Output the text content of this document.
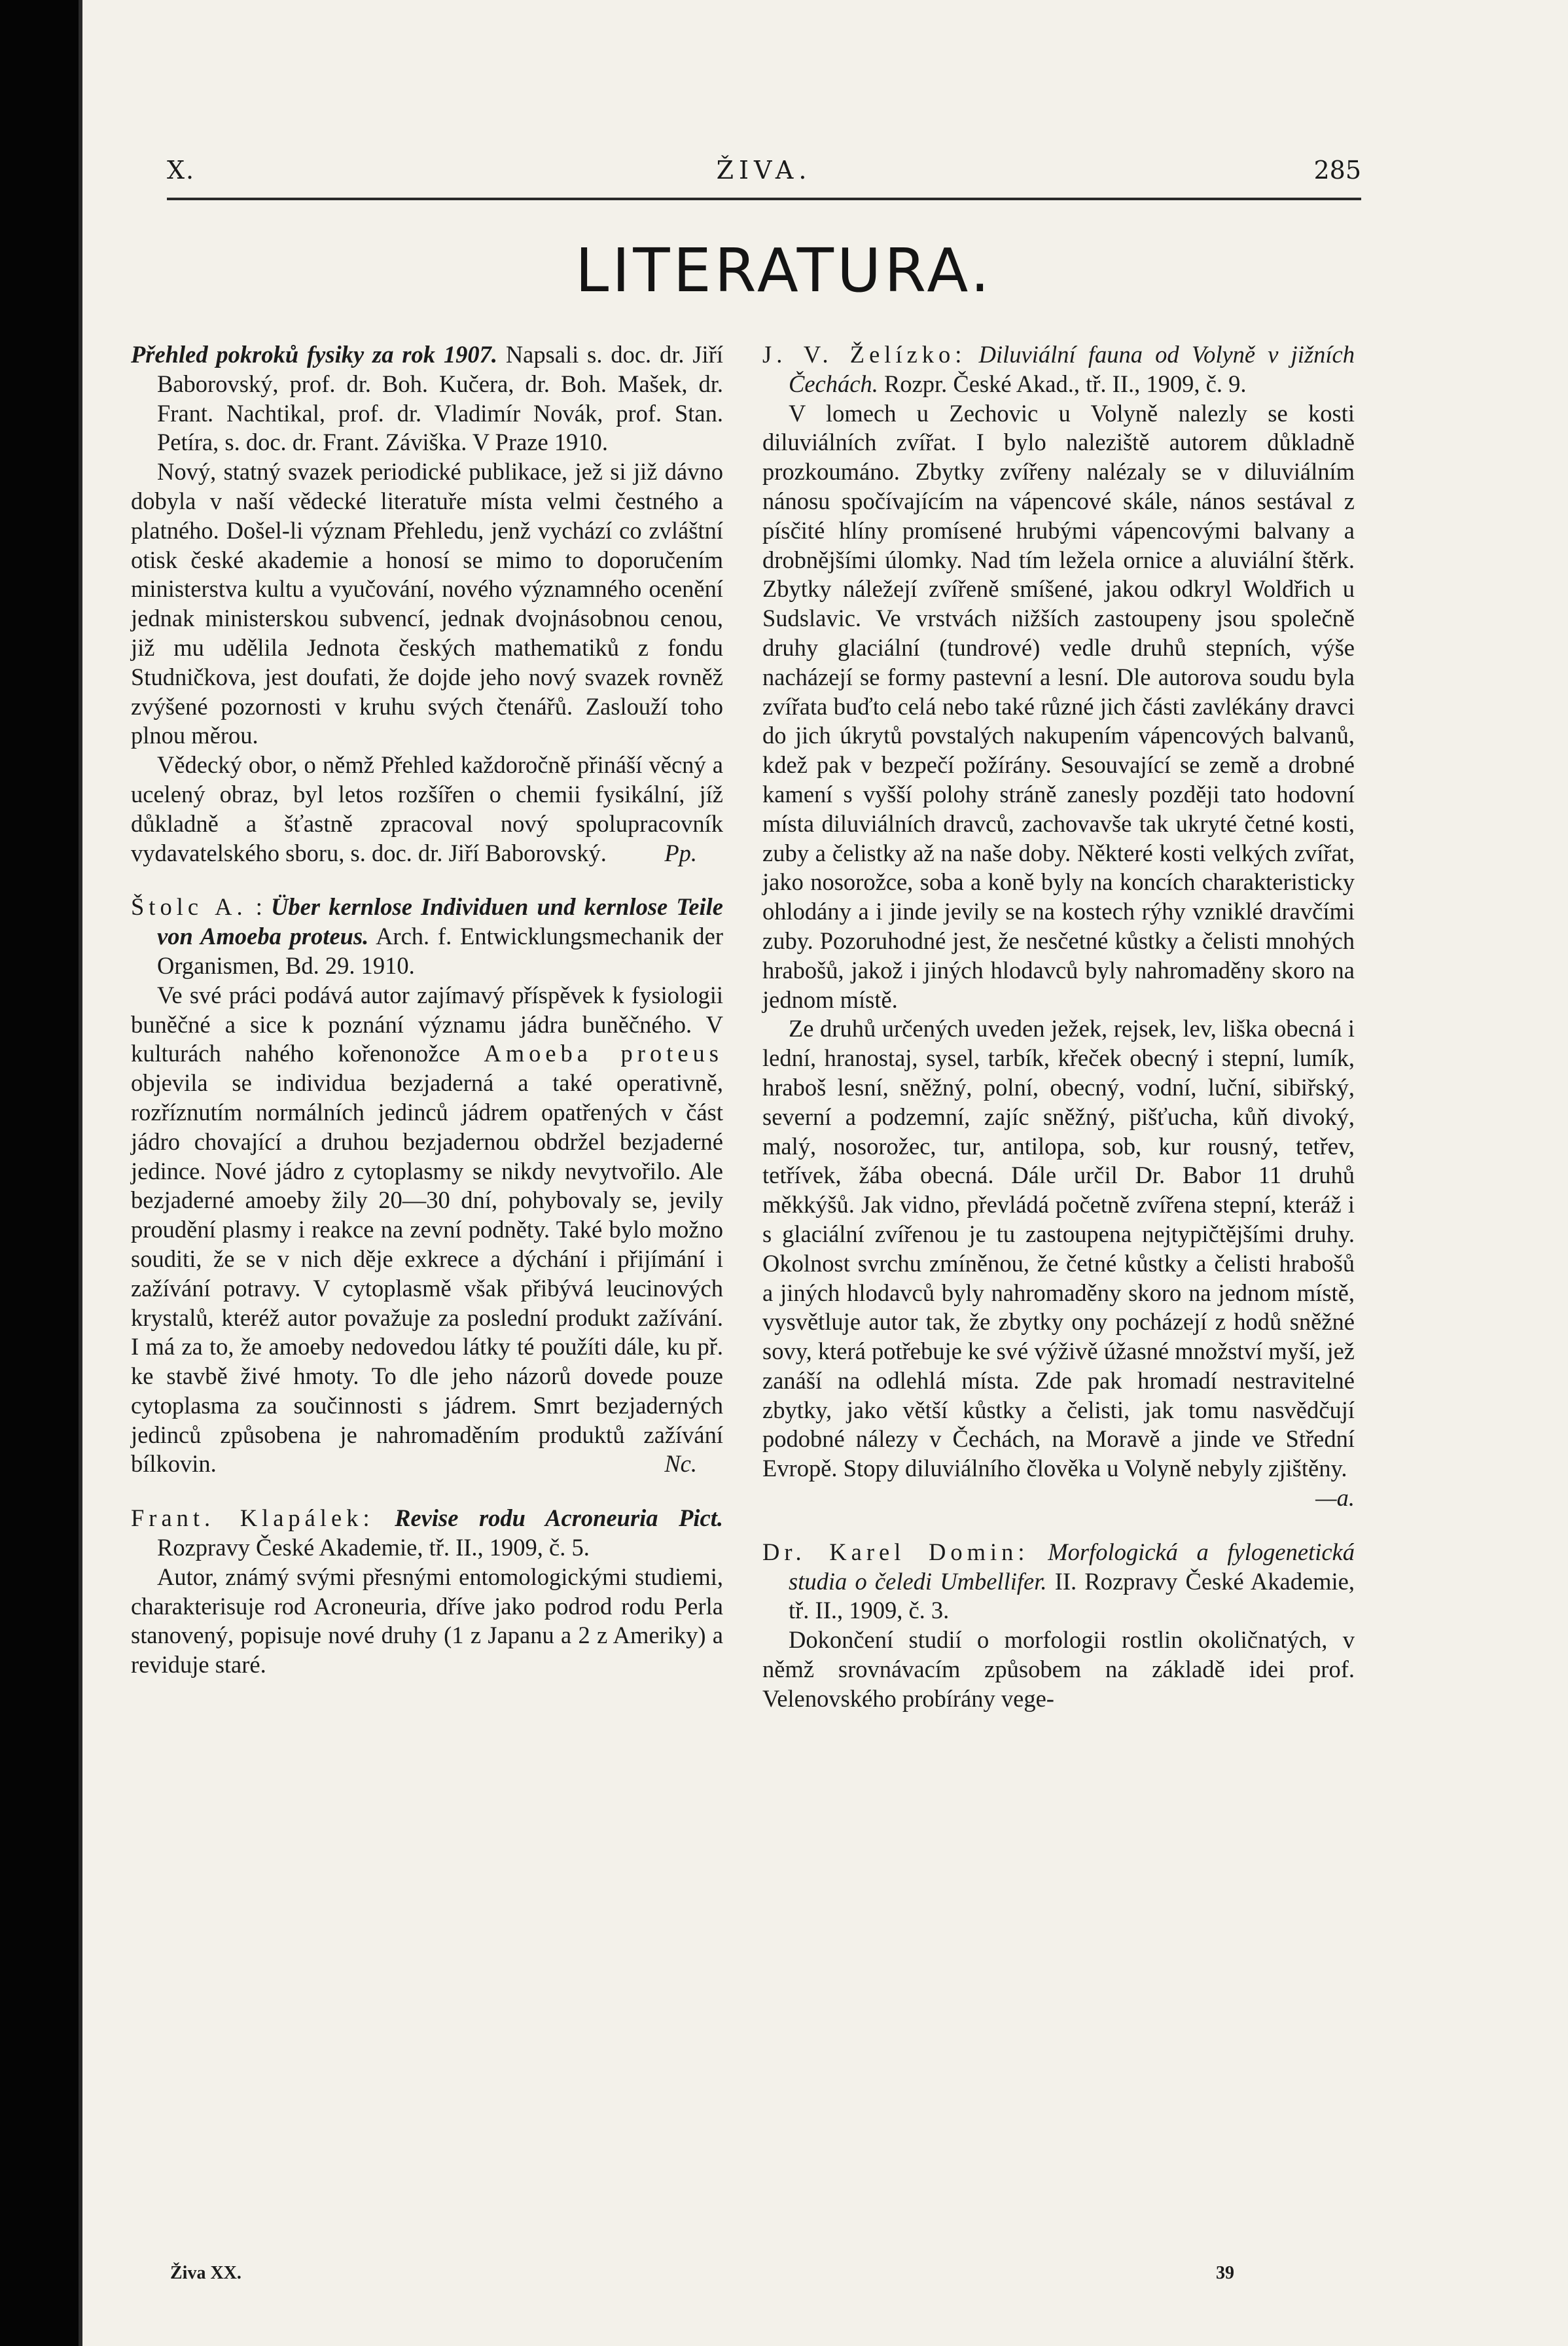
X.	ŽIVA.	285
LITERATURA.

Přehled pokroků fysiky za rok 1907. Napsali s. doc. dr. Jiří Baborovský, prof. dr. Boh. Kučera, dr. Boh. Mašek, dr. Frant. Nachtikal, prof. dr. Vladimír Novák, prof. Stan. Petíra, s. doc. dr. Frant. Záviška. V Praze 1910.

Nový, statný svazek periodické publikace, jež si již dávno dobyla v naší vědecké literatuře místa velmi čestného a platného. Došel-li význam Přehledu, jenž vychází co zvláštní otisk české akademie a honosí se mimo to doporučením ministerstva kultu a vyučování, nového významného ocenění jednak ministerskou subvencí, jednak dvojnásobnou cenou, již mu udělila Jednota českých mathematiků z fondu Studničkova, jest doufati, že dojde jeho nový svazek rovněž zvýšené pozornosti v kruhu svých čtenářů. Zaslouží toho plnou měrou.

Vědecký obor, o němž Přehled každoročně přináší věcný a ucelený obraz, byl letos rozšířen o chemii fysikální, jíž důkladně a šťastně zpracoval nový spolupracovník vydavatelského sboru, s. doc. dr. Jiří Baborovský.	Pp.

Štolc A. : Über kernlose Individuen und kernlose Teile von Amoeba proteus. Arch. f. Entwicklungsmechanik der Organismen, Bd. 29. 1910.

Ve své práci podává autor zajímavý příspěvek k fysiologii buněčné a sice k poznání významu jádra buněčného. V kulturách nahého kořenonožce Amoeba proteus objevila se individua bezjaderná a také operativně, rozříznutím normálních jedinců jádrem opatřených v část jádro chovající a druhou bezjadernou obdržel bezjaderné jedince. Nové jádro z cytoplasmy se nikdy nevytvořilo. Ale bezjaderné amoeby žily 20—30 dní, pohybovaly se, jevily proudění plasmy i reakce na zevní podněty. Také bylo možno souditi, že se v nich děje exkrece a dýchání i přijímání i zažívání potravy. V cytoplasmě však přibývá leucinových krystalů, kteréž autor považuje za poslední produkt zažívání. I má za to, že amoeby nedovedou látky té použíti dále, ku př. ke stavbě živé hmoty. To dle jeho názorů dovede pouze cytoplasma za součinnosti s jádrem. Smrt bezjaderných jedinců způsobena je nahromaděním produktů zažívání bílkovin.	Nc.

Frant. Klapálek: Revise rodu Acroneuria Pict. Rozpravy České Akademie, tř. II., 1909, č. 5.

Autor, známý svými přesnými entomologickými studiemi, charakterisuje rod Acroneuria, dříve jako podrod rodu Perla stanovený, popisuje nové druhy (1 z Japanu a 2 z Ameriky) a reviduje staré.

J. V. Želízko: Diluviální fauna od Volyně v jižních Čechách. Rozpr. České Akad., tř. II., 1909, č. 9.

V lomech u Zechovic u Volyně nalezly se kosti diluviálních zvířat. I bylo naleziště autorem důkladně prozkoumáno. Zbytky zvířeny nalézaly se v diluviálním nánosu spočívajícím na vápencové skále, nános sestával z písčité hlíny promísené hrubými vápencovými balvany a drobnějšími úlomky. Nad tím ležela ornice a aluviální štěrk. Zbytky náležejí zvířeně smíšené, jakou odkryl Woldřich u Sudslavic. Ve vrstvách nižších zastoupeny jsou společně druhy glaciální (tundrové) vedle druhů stepních, výše nacházejí se formy pastevní a lesní. Dle autorova soudu byla zvířata buďto celá nebo také různé jich části zavlékány dravci do jich úkrytů povstalých nakupením vápencových balvanů, kdež pak v bezpečí požírány. Sesouvající se země a drobné kamení s vyšší polohy stráně zanesly později tato hodovní místa diluviálních dravců, zachovavše tak ukryté četné kosti, zuby a čelistky až na naše doby. Některé kosti velkých zvířat, jako nosorožce, soba a koně byly na koncích charakteristicky ohlodány a i jinde jevily se na kostech rýhy vzniklé dravčími zuby. Pozoruhodné jest, že nesčetné kůstky a čelisti mnohých hrabošů, jakož i jiných hlodavců byly nahromaděny skoro na jednom místě.

Ze druhů určených uveden ježek, rejsek, lev, liška obecná i lední, hranostaj, sysel, tarbík, křeček obecný i stepní, lumík, hraboš lesní, sněžný, polní, obecný, vodní, luční, sibiřský, severní a podzemní, zajíc sněžný, pišťucha, kůň divoký, malý, nosorožec, tur, antilopa, sob, kur rousný, tetřev, tetřívek, žába obecná. Dále určil Dr. Babor 11 druhů měkkýšů. Jak vidno, převládá početně zvířena stepní, kteráž i s glaciální zvířenou je tu zastoupena nejtypičtějšími druhy. Okolnost svrchu zmíněnou, že četné kůstky a čelisti hrabošů a jiných hlodavců byly nahromaděny skoro na jednom místě, vysvětluje autor tak, že zbytky ony pocházejí z hodů sněžné sovy, která potřebuje ke své výživě úžasné množství myší, jež zanáší na odlehlá místa. Zde pak hromadí nestravitelné zbytky, jako větší kůstky a čelisti, jak tomu nasvědčují podobné nálezy v Čechách, na Moravě a jinde ve Střední Evropě. Stopy diluviálního člověka u Volyně nebyly zjištěny.
—a.

Dr. Karel Domin: Morfologická a fylogenetická studia o čeledi Umbellifer. II. Rozpravy České Akademie, tř. II., 1909, č. 3.

Dokončení studií o morfologii rostlin okoličnatých, v němž srovnávacím způsobem na základě idei prof. Velenovského probírány vege-

Živa XX.	39
